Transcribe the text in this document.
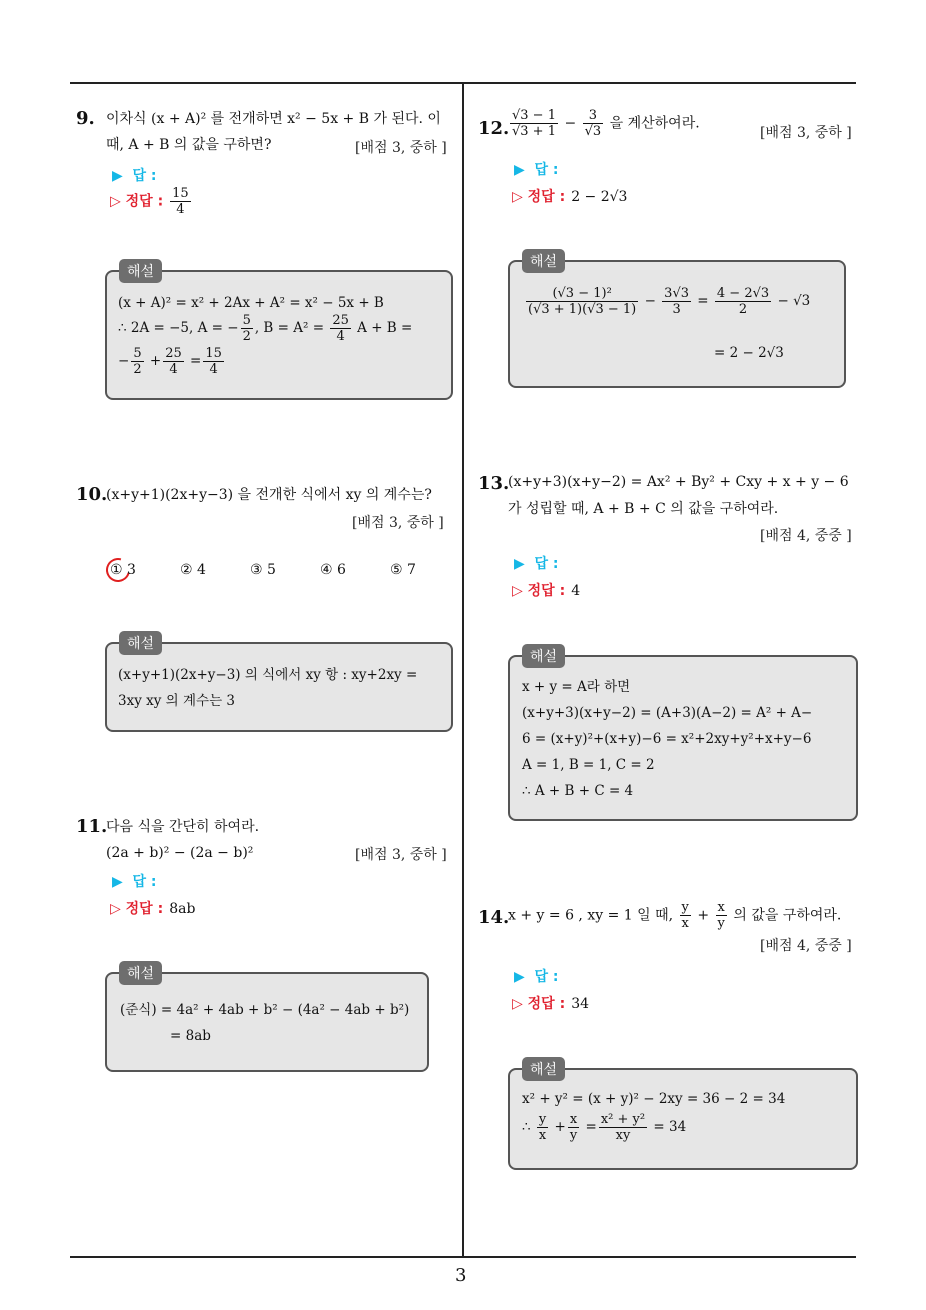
3
9. 이차식 (x + A)² 를 전개하면 x² − 5x + B 가 된다. 이
때, A + B 의 값을 구하면?	[배점 3, 중하 ]
▶ 답 :
▷ 정답 : $\frac{15}{4}$
해설
(x + A)² = x² + 2Ax + A² = x² − 5x + B
∴ 2A = −5, A = − $\frac{5}{2}$ , $B = A^2 = \frac{25}{4}$ A + B =
− $\frac{5}{2} + \frac{25}{4} = \frac{15}{4}$
10.
(x+y+1)(2x+y−3) 을 전개한 식에서 xy 의 계수는?
[배점 3, 중하 ]
① 3	② 4	③ 5	④ 6	⑤ 7
해설
(x+y+1)(2x+y−3) 의 식에서 xy 항 : xy+2xy =
3xy xy 의 계수는 3
11.
다음 식을 간단히 하여라.
(2a + b)² − (2a − b)²	[배점 3, 중하 ]
▶ 답 :
▷ 정답 : 8ab
해설
(준식) = 4a² + 4ab + b² − (4a² − 4ab + b²)
= 8ab
12. $\frac{√3 - 1}{√3 + 1} - \frac{3}{√3}$ 을 계산하여라.
[배점 3, 중하 ]
▶ 답 :
▷ 정답 : 2 − 2√3
해설
$\frac{\text{(√3 − 1)²}}{(√3 + 1)(√3 - 1)} - \frac{3√3}{3} = \frac{4 - 2√3}{2} - √3$
= 2 − 2√3
13.
(x+y+3)(x+y−2) = Ax² + By² + Cxy + x + y − 6
가 성립할 때, A + B + C 의 값을 구하여라.
[배점 4, 중중 ]
▶ 답 :
▷ 정답 : 4
해설
x + y = A라 하면
(x+y+3)(x+y−2) = (A+3)(A−2) = A² + A−
6 = (x+y)²+(x+y)−6 = x²+2xy+y²+x+y−6
A = 1, B = 1, C = 2
∴ A + B + C = 4
14.
x + y = 6 , xy = 1 일 때, $\frac{y}{x} + \frac{x}{y}$ 의 값을 구하여라.
[배점 4, 중중 ]
▶ 답 :
▷ 정답 : 34
해설
x² + y² = (x + y)² − 2xy = 36 − 2 = 34
∴ $\frac{y}{x} + \frac{x}{y} = \frac{\text{x² + y²}}{xy} = 34$
